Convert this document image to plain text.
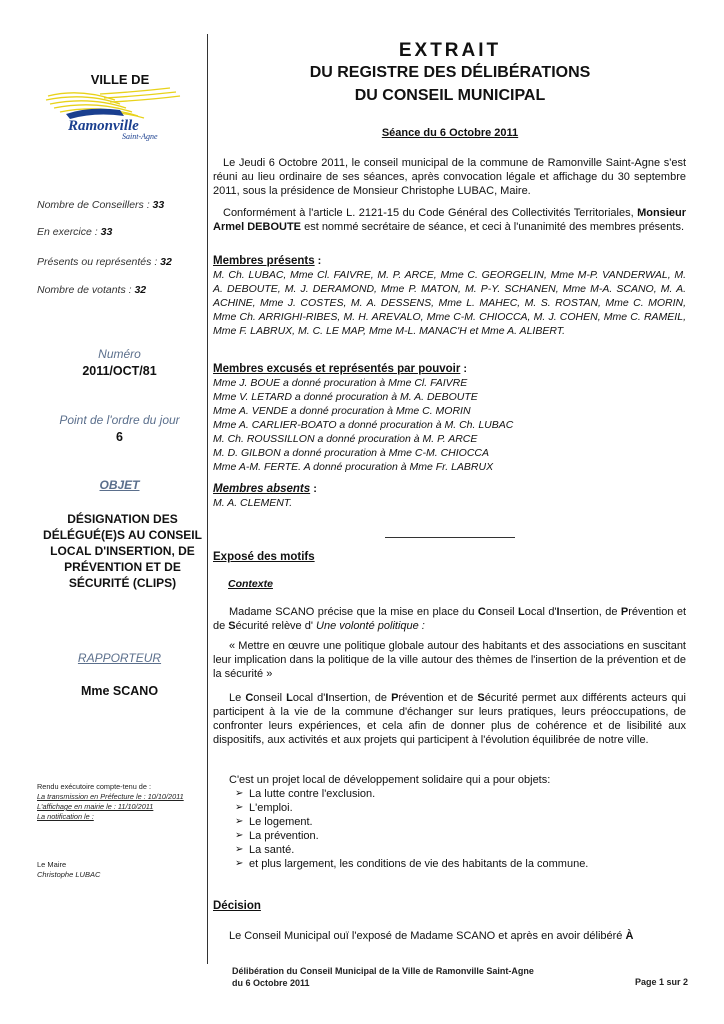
VILLE DE
Ramonville
Saint-Agne
Nombre de Conseillers : 33
En exercice : 33
Présents ou représentés : 32
Nombre de votants : 32
Numéro
2011/OCT/81
Point de l'ordre du jour
6
OBJET
DÉSIGNATION DES DÉLÉGUÉ(E)S AU CONSEIL LOCAL D'INSERTION, DE PRÉVENTION ET DE SÉCURITÉ (CLIPS)
RAPPORTEUR
Mme SCANO
Rendu exécutoire compte-tenu de :
La transmission en Préfecture le : 10/10/2011
L'affichage en mairie le : 11/10/2011
La notification le :
Le Maire
Christophe LUBAC
EXTRAIT
DU REGISTRE DES DÉLIBÉRATIONS
DU CONSEIL MUNICIPAL
Séance du 6 Octobre 2011

Le Jeudi 6 Octobre 2011, le conseil municipal de la commune de Ramonville Saint-Agne s'est réuni au lieu ordinaire de ses séances, après convocation légale et affichage du 30 septembre 2011, sous la présidence de Monsieur Christophe LUBAC, Maire.

Conformément à l'article L. 2121-15 du Code Général des Collectivités Territoriales, Monsieur Armel DEBOUTE est nommé secrétaire de séance, et ceci à l'unanimité des membres présents.

Membres présents :

M. Ch. LUBAC, Mme Cl. FAIVRE, M. P. ARCE, Mme C. GEORGELIN, Mme M-P. VANDERWAL, M. A. DEBOUTE, M. J. DERAMOND, Mme P. MATON, M. P-Y. SCHANEN, Mme M-A. SCANO, M. A. ACHINE, Mme J. COSTES, M. A. DESSENS, Mme L. MAHEC, M. S. ROSTAN, Mme C. MORIN, Mme Ch. ARRIGHI-RIBES, M. H. AREVALO, Mme C-M. CHIOCCA, M. J. COHEN, Mme C. RAMEIL, Mme F. LABRUX, M. C. LE MAP, Mme M-L. MANAC'H et Mme A. ALIBERT.

Membres excusés et représentés par pouvoir :
Mme J. BOUE a donné procuration à Mme Cl. FAIVRE
Mme V. LETARD a donné procuration à M. A. DEBOUTE
Mme A. VENDE a donné procuration à Mme C. MORIN
Mme A. CARLIER-BOATO a donné procuration à M. Ch. LUBAC
M. Ch. ROUSSILLON a donné procuration à M. P. ARCE
M. D. GILBON a donné procuration à Mme C-M. CHIOCCA
Mme A-M. FERTE. A donné procuration à Mme Fr. LABRUX
Membres absents :
M. A. CLEMENT.
Exposé des motifs
Contexte

Madame SCANO précise que la mise en place du Conseil Local d'Insertion, de Prévention et de Sécurité relève d' Une volonté politique :

« Mettre en œuvre une politique globale autour des habitants et des associations en suscitant leur implication dans la politique de la ville autour des thèmes de l'insertion de la prévention et de la sécurité »

Le Conseil Local d'Insertion, de Prévention et de Sécurité permet aux différents acteurs qui participent à la vie de la commune d'échanger sur leurs pratiques, leurs préoccupations, de confronter leurs expériences, et cela afin de donner plus de cohérence et de lisibilité aux dispositifs, aux activités et aux projets qui participent à l'évolution équilibrée de notre ville.

C'est un projet local de développement solidaire qui a pour objets:

➢ La lutte contre l'exclusion.
➢ L'emploi.
➢ Le logement.
➢ La prévention.
➢ La santé.
➢ et plus largement, les conditions de vie des habitants de la commune.
Décision

Le Conseil Municipal ouï l'exposé de Madame SCANO et après en avoir délibéré À

Délibération du Conseil Municipal de la Ville de Ramonville Saint-Agne
du 6 Octobre 2011	Page 1 sur 2
